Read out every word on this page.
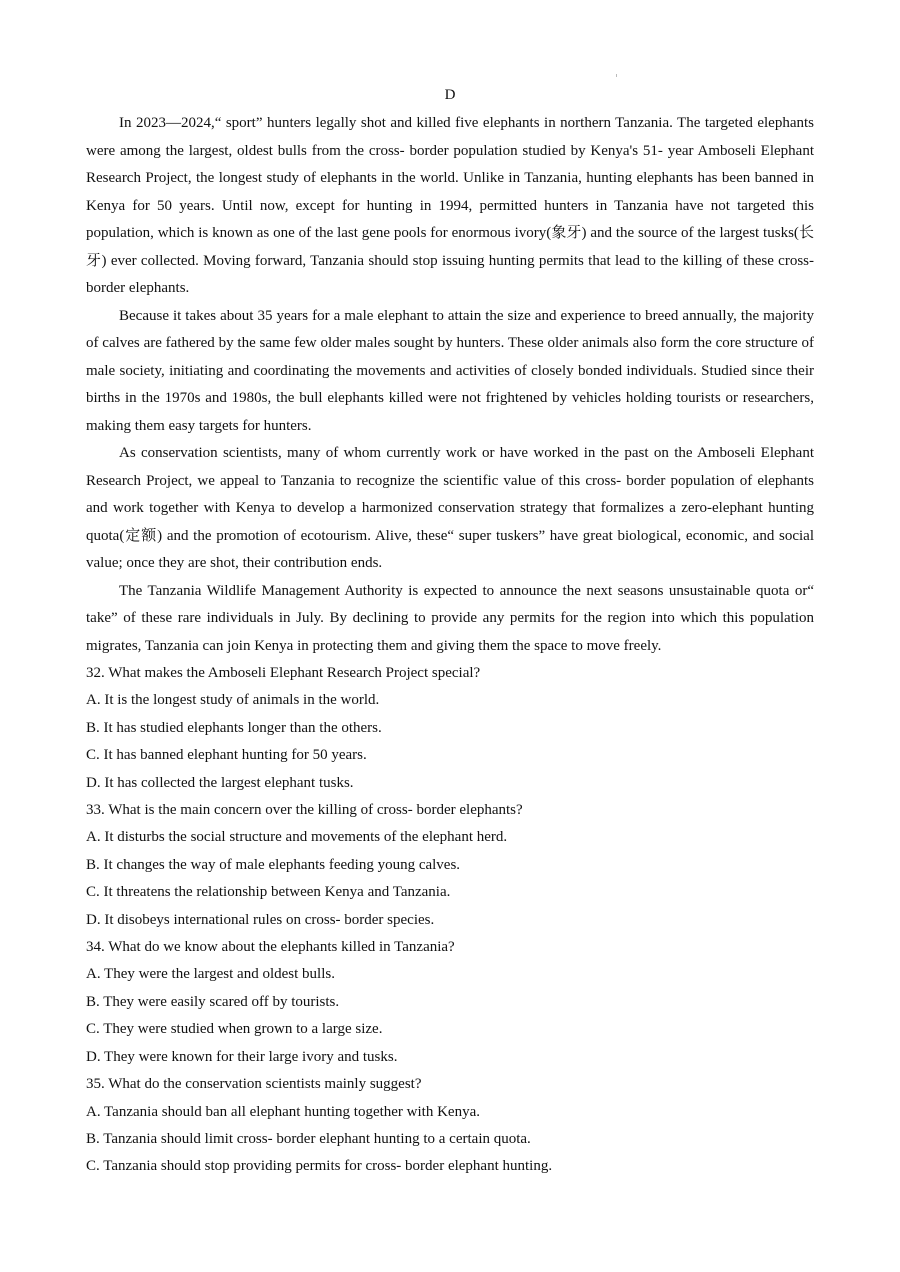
D

In 2023—2024,“ sport” hunters legally shot and killed five elephants in northern Tanzania. The targeted elephants were among the largest, oldest bulls from the cross- border population studied by Kenya's 51- year Amboseli Elephant Research Project, the longest study of elephants in the world. Unlike in Tanzania, hunting elephants has been banned in Kenya for 50 years. Until now, except for hunting in 1994, permitted hunters in Tanzania have not targeted this population, which is known as one of the last gene pools for enormous ivory(象牙) and the source of the largest tusks(长牙) ever collected. Moving forward, Tanzania should stop issuing hunting permits that lead to the killing of these cross- border elephants.

Because it takes about 35 years for a male elephant to attain the size and experience to breed annually, the majority of calves are fathered by the same few older males sought by hunters. These older animals also form the core structure of male society, initiating and coordinating the movements and activities of closely bonded individuals. Studied since their births in the 1970s and 1980s, the bull elephants killed were not frightened by vehicles holding tourists or researchers, making them easy targets for hunters.

As conservation scientists, many of whom currently work or have worked in the past on the Amboseli Elephant Research Project, we appeal to Tanzania to recognize the scientific value of this cross- border population of elephants and work together with Kenya to develop a harmonized conservation strategy that formalizes a zero-elephant hunting quota(定额) and the promotion of ecotourism. Alive, these“ super tuskers” have great biological, economic, and social value; once they are shot, their contribution ends.

The Tanzania Wildlife Management Authority is expected to announce the next seasons unsustainable quota or“ take” of these rare individuals in July. By declining to provide any permits for the region into which this population migrates, Tanzania can join Kenya in protecting them and giving them the space to move freely.

32. What makes the Amboseli Elephant Research Project special?

A. It is the longest study of animals in the world.

B. It has studied elephants longer than the others.

C. It has banned elephant hunting for 50 years.

D. It has collected the largest elephant tusks.

33. What is the main concern over the killing of cross- border elephants?

A. It disturbs the social structure and movements of the elephant herd.

B. It changes the way of male elephants feeding young calves.

C. It threatens the relationship between Kenya and Tanzania.

D. It disobeys international rules on cross- border species.

34. What do we know about the elephants killed in Tanzania?

A. They were the largest and oldest bulls.

B. They were easily scared off by tourists.

C. They were studied when grown to a large size.

D. They were known for their large ivory and tusks.

35. What do the conservation scientists mainly suggest?

A. Tanzania should ban all elephant hunting together with Kenya.

B. Tanzania should limit cross- border elephant hunting to a certain quota.

C. Tanzania should stop providing permits for cross- border elephant hunting.
